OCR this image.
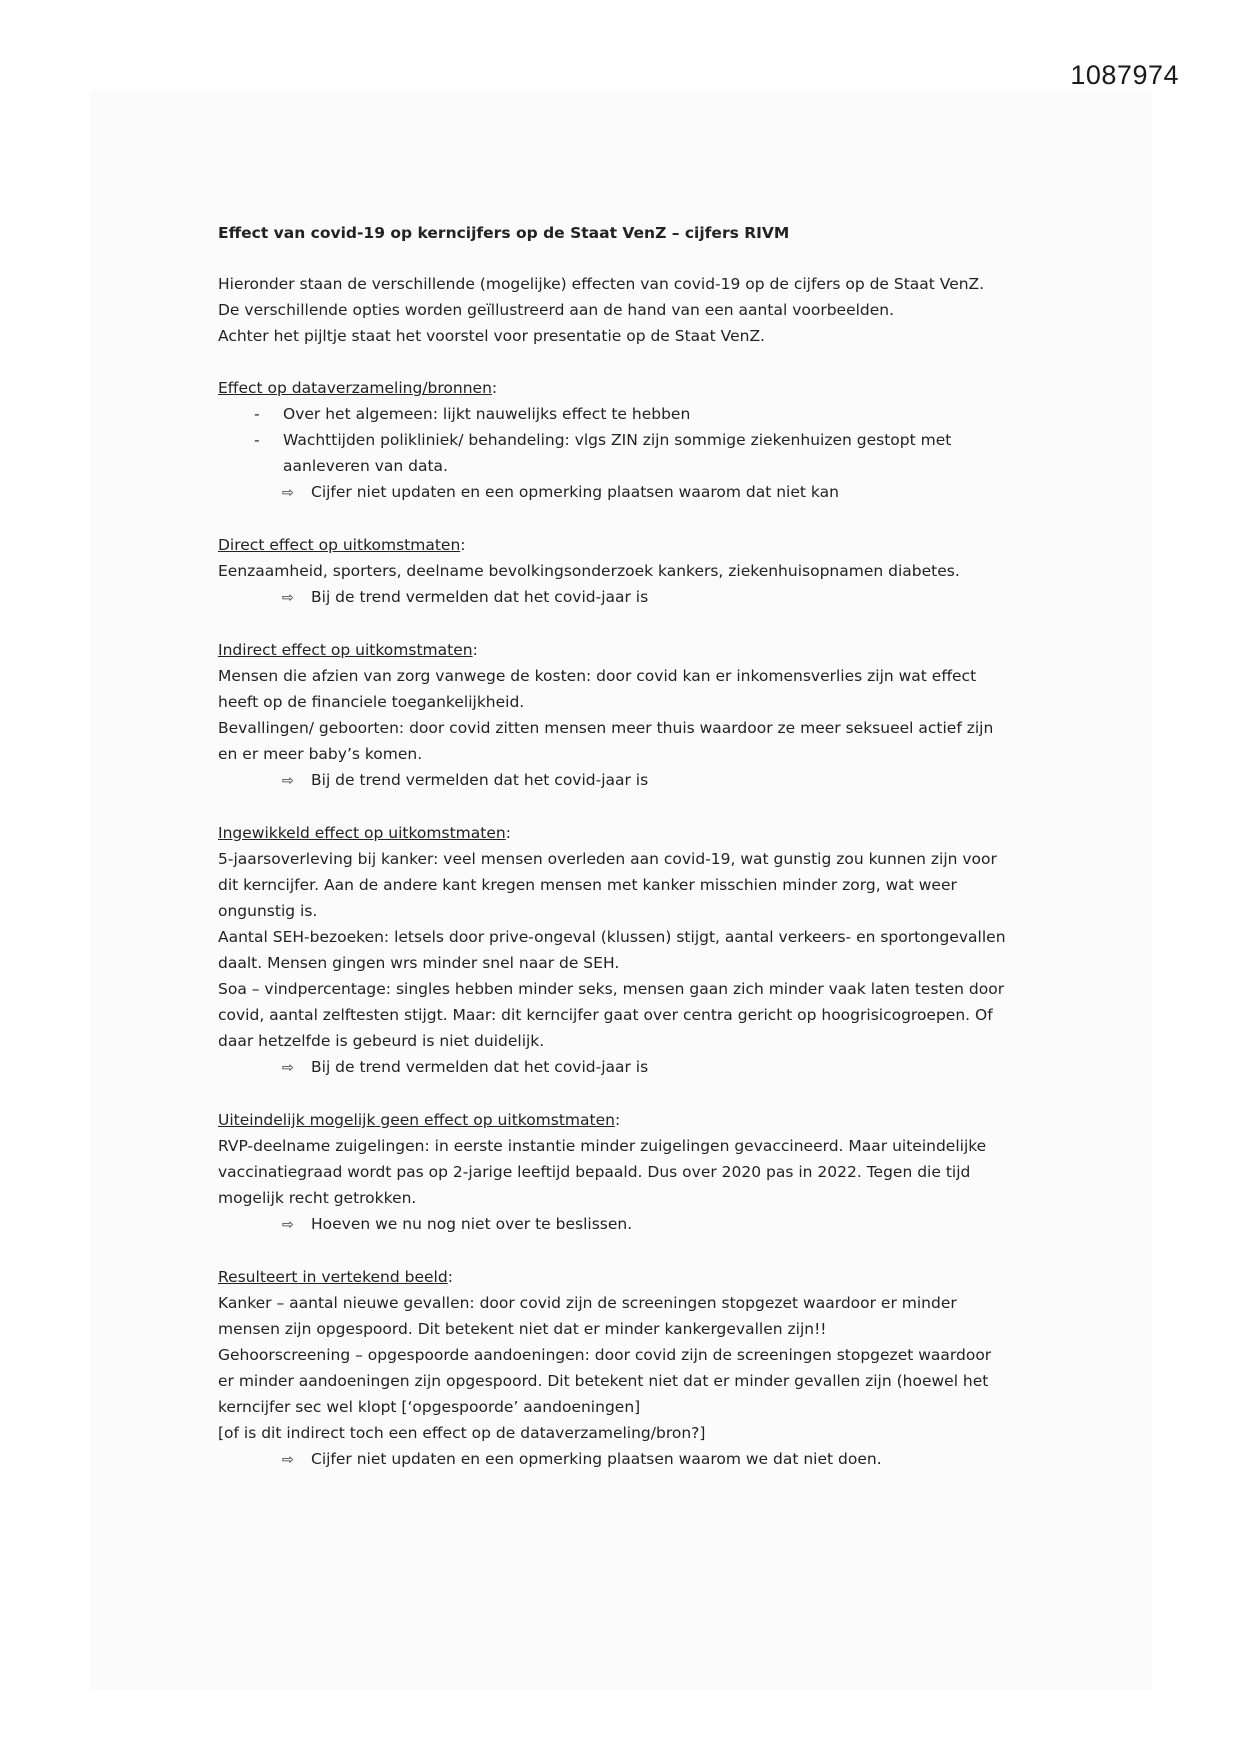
1087974
Effect van covid-19 op kerncijfers op de Staat VenZ – cijfers RIVM
Hieronder staan de verschillende (mogelijke) effecten van covid-19 op de cijfers op de Staat VenZ.
De verschillende opties worden geïllustreerd aan de hand van een aantal voorbeelden.
Achter het pijltje staat het voorstel voor presentatie op de Staat VenZ.
Effect op dataverzameling/bronnen:
- Over het algemeen: lijkt nauwelijks effect te hebben
- Wachttijden polikliniek/ behandeling: vlgs ZIN zijn sommige ziekenhuizen gestopt met
aanleveren van data.
⇨ Cijfer niet updaten en een opmerking plaatsen waarom dat niet kan
Direct effect op uitkomstmaten:
Eenzaamheid, sporters, deelname bevolkingsonderzoek kankers, ziekenhuisopnamen diabetes.
⇨ Bij de trend vermelden dat het covid-jaar is
Indirect effect op uitkomstmaten:
Mensen die afzien van zorg vanwege de kosten: door covid kan er inkomensverlies zijn wat effect
heeft op de financiele toegankelijkheid.
Bevallingen/ geboorten: door covid zitten mensen meer thuis waardoor ze meer seksueel actief zijn
en er meer baby’s komen.
⇨ Bij de trend vermelden dat het covid-jaar is
Ingewikkeld effect op uitkomstmaten:
5-jaarsoverleving bij kanker: veel mensen overleden aan covid-19, wat gunstig zou kunnen zijn voor
dit kerncijfer. Aan de andere kant kregen mensen met kanker misschien minder zorg, wat weer
ongunstig is.
Aantal SEH-bezoeken: letsels door prive-ongeval (klussen) stijgt, aantal verkeers- en sportongevallen
daalt. Mensen gingen wrs minder snel naar de SEH.
Soa – vindpercentage: singles hebben minder seks, mensen gaan zich minder vaak laten testen door
covid, aantal zelftesten stijgt. Maar: dit kerncijfer gaat over centra gericht op hoogrisicogroepen. Of
daar hetzelfde is gebeurd is niet duidelijk.
⇨ Bij de trend vermelden dat het covid-jaar is
Uiteindelijk mogelijk geen effect op uitkomstmaten:
RVP-deelname zuigelingen: in eerste instantie minder zuigelingen gevaccineerd. Maar uiteindelijke
vaccinatiegraad wordt pas op 2-jarige leeftijd bepaald. Dus over 2020 pas in 2022. Tegen die tijd
mogelijk recht getrokken.
⇨ Hoeven we nu nog niet over te beslissen.
Resulteert in vertekend beeld:
Kanker – aantal nieuwe gevallen: door covid zijn de screeningen stopgezet waardoor er minder
mensen zijn opgespoord. Dit betekent niet dat er minder kankergevallen zijn!!
Gehoorscreening – opgespoorde aandoeningen: door covid zijn de screeningen stopgezet waardoor
er minder aandoeningen zijn opgespoord. Dit betekent niet dat er minder gevallen zijn (hoewel het
kerncijfer sec wel klopt [‘opgespoorde’ aandoeningen]
[of is dit indirect toch een effect op de dataverzameling/bron?]
⇨ Cijfer niet updaten en een opmerking plaatsen waarom we dat niet doen.
